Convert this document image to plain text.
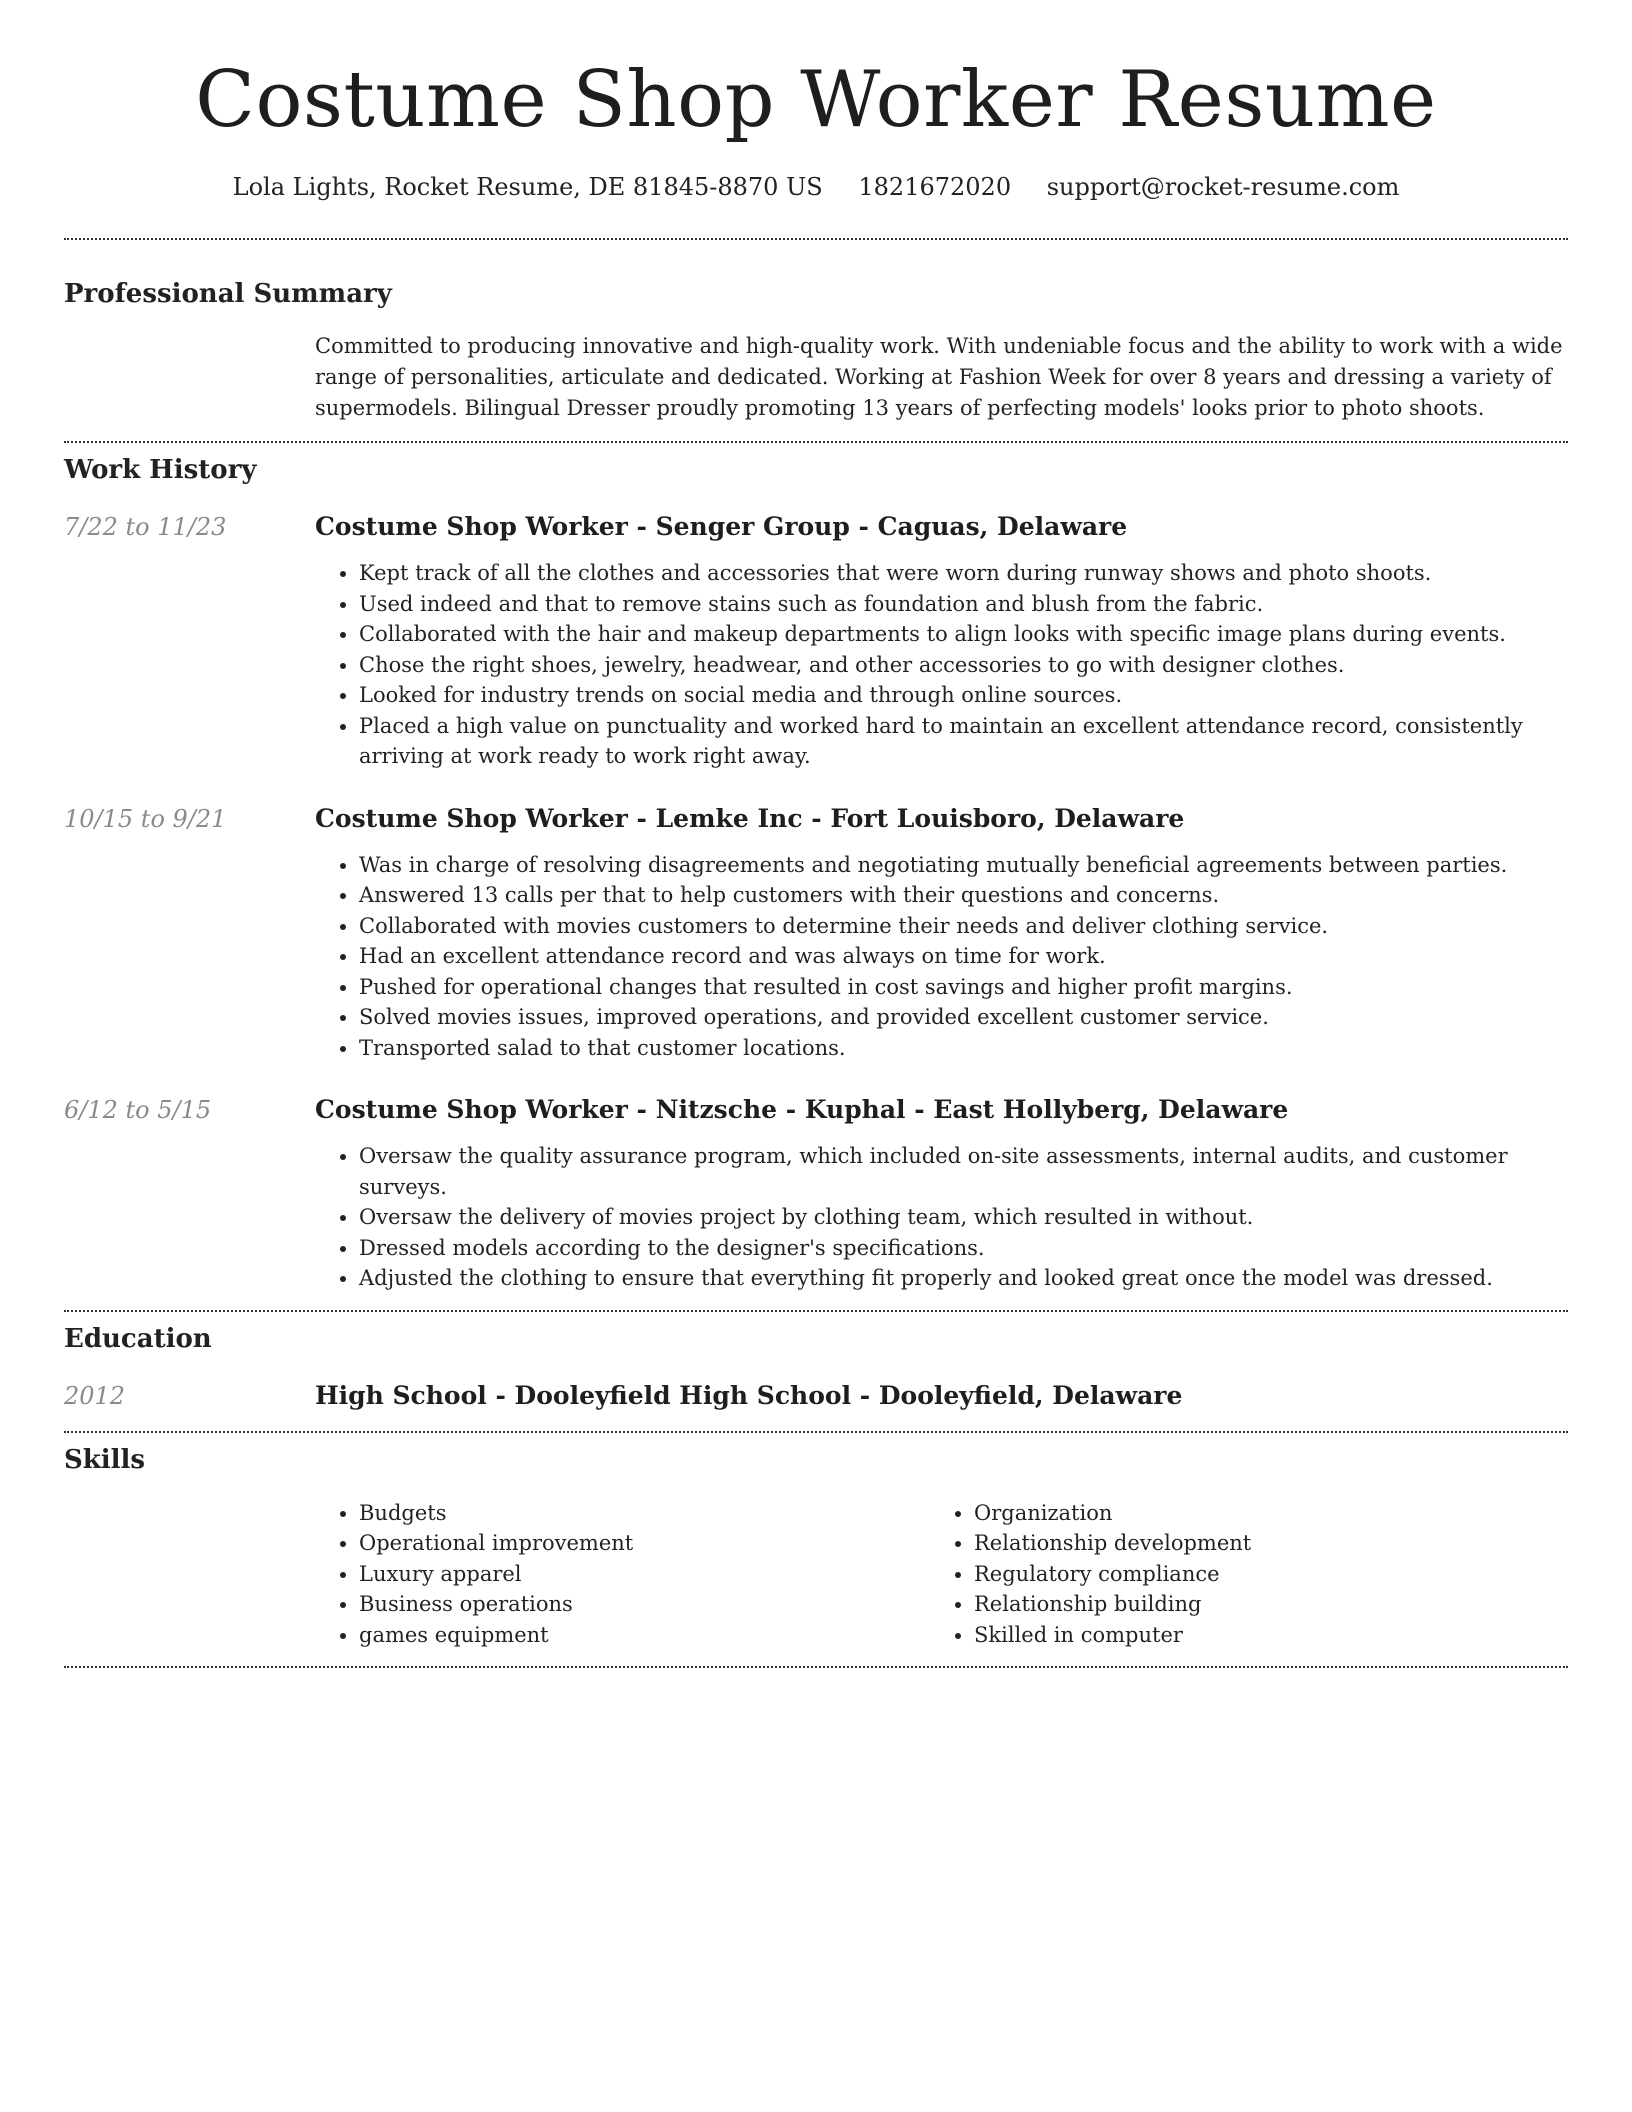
Costume Shop Worker Resume
Lola Lights, Rocket Resume, DE 81845-8870 US 1821672020 support@rocket-resume.com
Professional Summary

Committed to producing innovative and high-quality work. With undeniable focus and the ability to work with a wide range of personalities, articulate and dedicated. Working at Fashion Week for over 8 years and dressing a variety of supermodels. Bilingual Dresser proudly promoting 13 years of perfecting models' looks prior to photo shoots.

Work History
7/22 to 11/23	Costume Shop Worker - Senger Group - Caguas, Delaware
• Kept track of all the clothes and accessories that were worn during runway shows and photo shoots.
• Used indeed and that to remove stains such as foundation and blush from the fabric.
• Collaborated with the hair and makeup departments to align looks with specific image plans during events.
• Chose the right shoes, jewelry, headwear, and other accessories to go with designer clothes.
• Looked for industry trends on social media and through online sources.
• Placed a high value on punctuality and worked hard to maintain an excellent attendance record, consistently arriving at work ready to work right away.
10/15 to 9/21	Costume Shop Worker - Lemke Inc - Fort Louisboro, Delaware
• Was in charge of resolving disagreements and negotiating mutually beneficial agreements between parties.
• Answered 13 calls per that to help customers with their questions and concerns.
• Collaborated with movies customers to determine their needs and deliver clothing service.
• Had an excellent attendance record and was always on time for work.
• Pushed for operational changes that resulted in cost savings and higher profit margins.
• Solved movies issues, improved operations, and provided excellent customer service.
• Transported salad to that customer locations.
6/12 to 5/15	Costume Shop Worker - Nitzsche - Kuphal - East Hollyberg, Delaware
• Oversaw the quality assurance program, which included on-site assessments, internal audits, and customer surveys.
• Oversaw the delivery of movies project by clothing team, which resulted in without.
• Dressed models according to the designer's specifications.
• Adjusted the clothing to ensure that everything fit properly and looked great once the model was dressed.
Education
2012	High School - Dooleyfield High School - Dooleyfield, Delaware
Skills
• Budgets
• Operational improvement
• Luxury apparel
• Business operations
• games equipment
• Organization
• Relationship development
• Regulatory compliance
• Relationship building
• Skilled in computer
